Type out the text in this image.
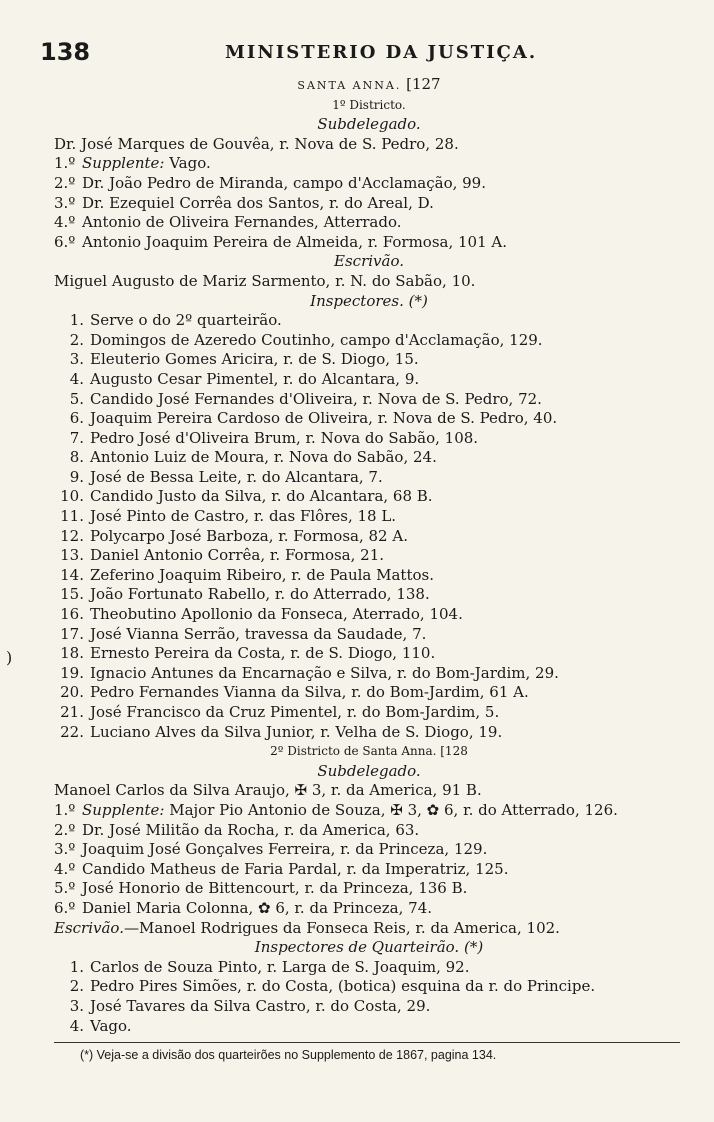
138	MINISTERIO DA JUSTIÇA.
)
SANTA ANNA. [127
1º Districto.
Subdelegado.
Dr. José Marques de Gouvêa, r. Nova de S. Pedro, 28.
1.º Supplente: Vago.
2.º Dr. João Pedro de Miranda, campo d'Acclamação, 99.
3.º Dr. Ezequiel Corrêa dos Santos, r. do Areal, D.
4.º Antonio de Oliveira Fernandes, Atterrado.
6.º Antonio Joaquim Pereira de Almeida, r. Formosa, 101 A.
Escrivão.
Miguel Augusto de Mariz Sarmento, r. N. do Sabão, 10.
Inspectores. (*)
1. Serve o do 2º quarteirão.
2. Domingos de Azeredo Coutinho, campo d'Acclamação, 129.
3. Eleuterio Gomes Aricira, r. de S. Diogo, 15.
4. Augusto Cesar Pimentel, r. do Alcantara, 9.
5. Candido José Fernandes d'Oliveira, r. Nova de S. Pedro, 72.
6. Joaquim Pereira Cardoso de Oliveira, r. Nova de S. Pedro, 40.
7. Pedro José d'Oliveira Brum, r. Nova do Sabão, 108.
8. Antonio Luiz de Moura, r. Nova do Sabão, 24.
9. José de Bessa Leite, r. do Alcantara, 7.
10. Candido Justo da Silva, r. do Alcantara, 68 B.
11. José Pinto de Castro, r. das Flôres, 18 L.
12. Polycarpo José Barboza, r. Formosa, 82 A.
13. Daniel Antonio Corrêa, r. Formosa, 21.
14. Zeferino Joaquim Ribeiro, r. de Paula Mattos.
15. João Fortunato Rabello, r. do Atterrado, 138.
16. Theobutino Apollonio da Fonseca, Aterrado, 104.
17. José Vianna Serrão, travessa da Saudade, 7.
18. Ernesto Pereira da Costa, r. de S. Diogo, 110.
19. Ignacio Antunes da Encarnação e Silva, r. do Bom-Jardim, 29.
20. Pedro Fernandes Vianna da Silva, r. do Bom-Jardim, 61 A.
21. José Francisco da Cruz Pimentel, r. do Bom-Jardim, 5.
22. Luciano Alves da Silva Junior, r. Velha de S. Diogo, 19.
2º Districto de Santa Anna. [128
Subdelegado.
Manoel Carlos da Silva Araujo, ✠ 3, r. da America, 91 B.
1.º Supplente: Major Pio Antonio de Souza, ✠ 3, ✿ 6, r. do Atterrado, 126.
2.º Dr. José Militão da Rocha, r. da America, 63.
3.º Joaquim José Gonçalves Ferreira, r. da Princeza, 129.
4.º Candido Matheus de Faria Pardal, r. da Imperatriz, 125.
5.º José Honorio de Bittencourt, r. da Princeza, 136 B.
6.º Daniel Maria Colonna, ✿ 6, r. da Princeza, 74.
Escrivão.—Manoel Rodrigues da Fonseca Reis, r. da America, 102.
Inspectores de Quarteirão. (*)
1. Carlos de Souza Pinto, r. Larga de S. Joaquim, 92.
2. Pedro Pires Simões, r. do Costa, (botica) esquina da r. do Principe.
3. José Tavares da Silva Castro, r. do Costa, 29.
4. Vago.
(*) Veja-se a divisão dos quarteirões no Supplemento de 1867, pagina 134.
